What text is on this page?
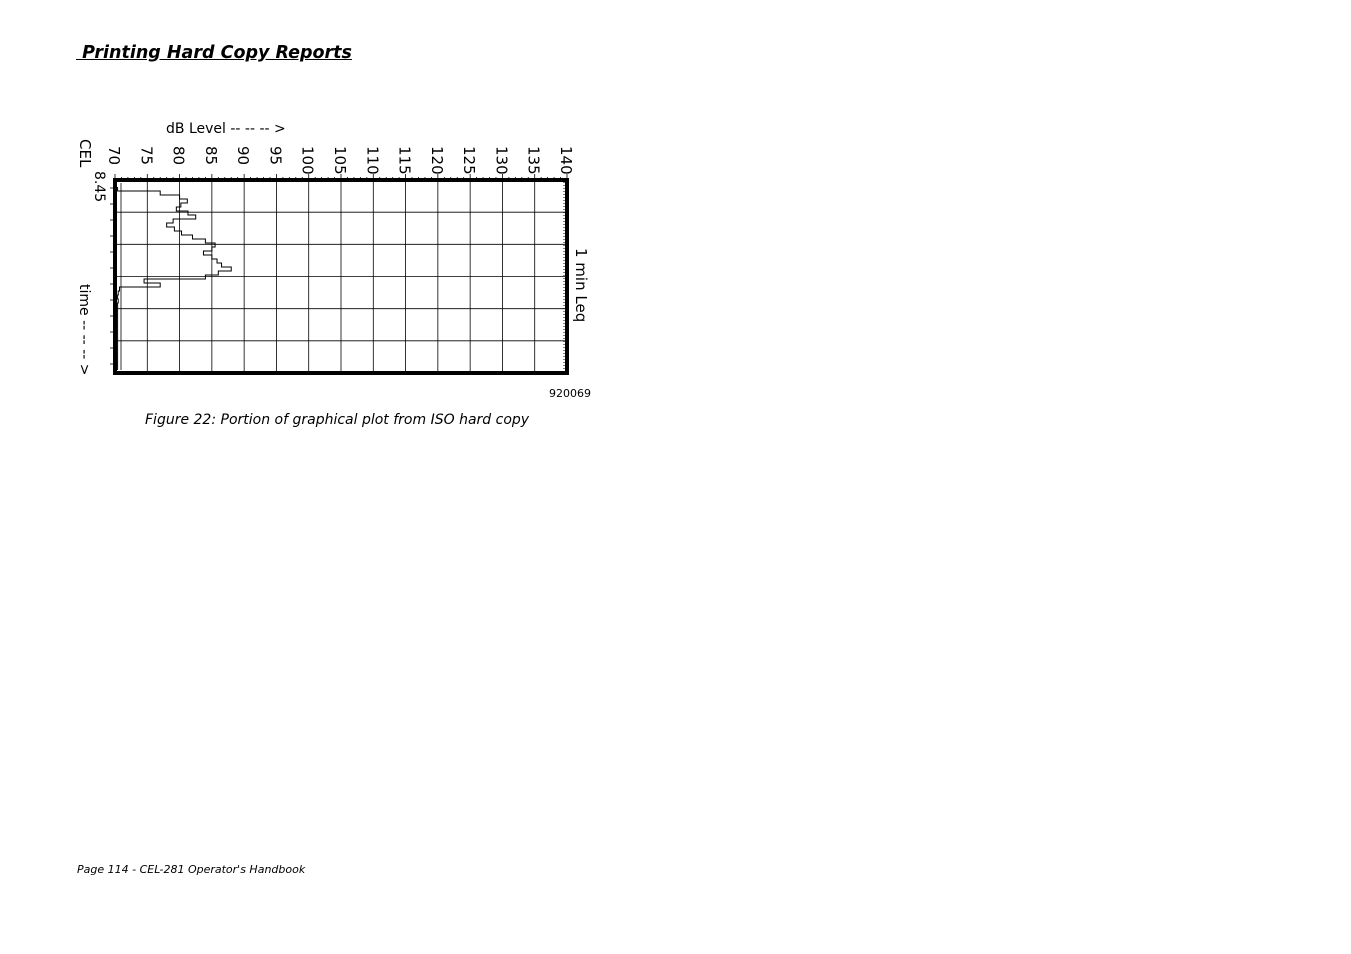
Printing Hard Copy Reports
dB Level -- -- -- >
CEL
8.45
time -- -- -- >	1 min Leq
920069
70 75 80 85 90 95 100 105 110 115 120 125 130 135 140

Figure 22: Portion of graphical plot from ISO hard copy

Page 114 - CEL-281 Operator's Handbook
